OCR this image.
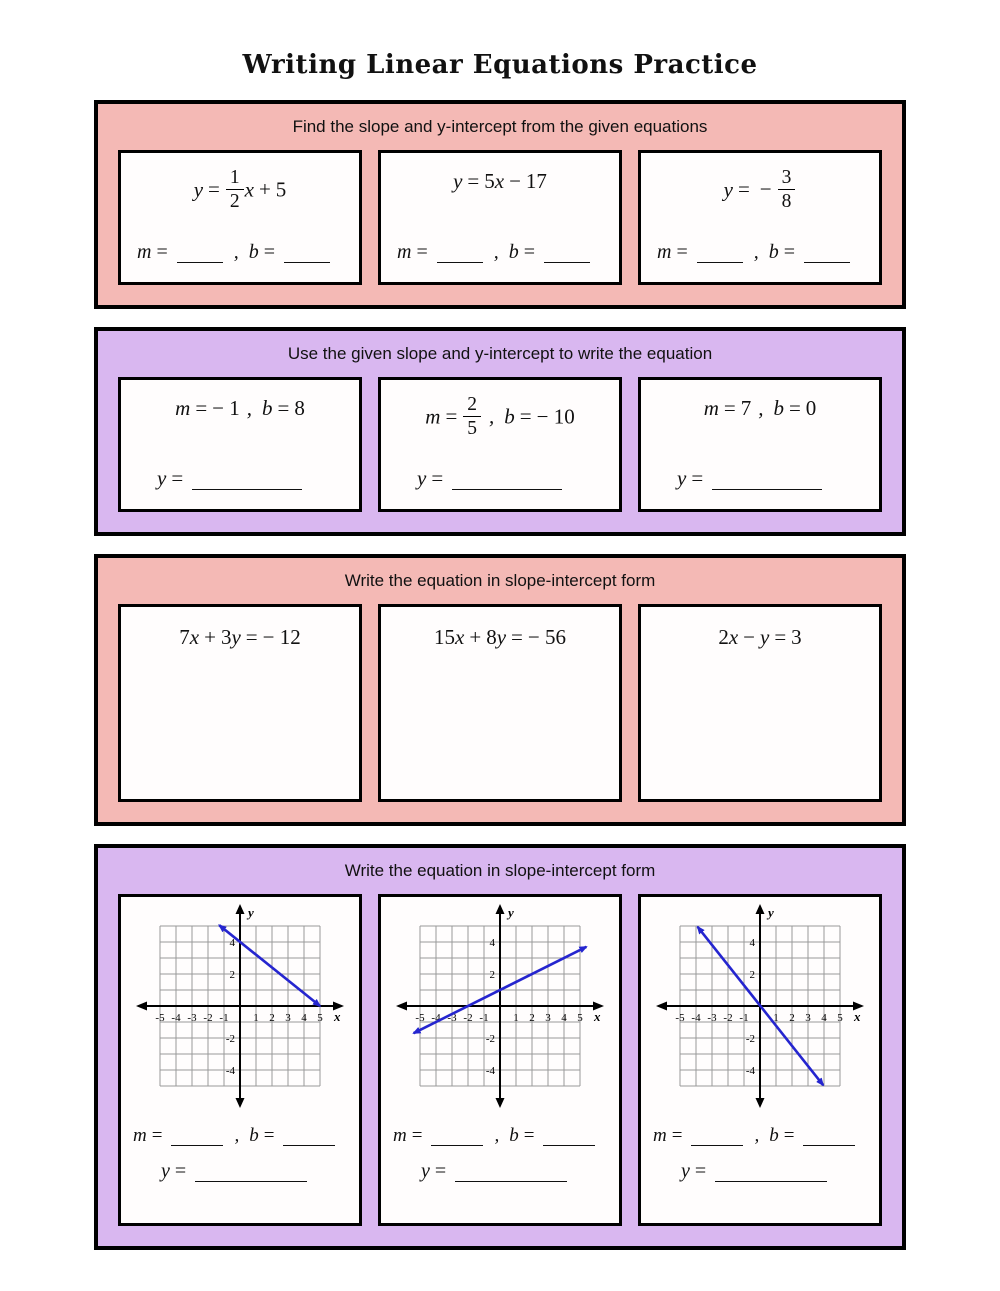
Writing Linear Equations Practice
Find the slope and y-intercept from the given equations
$y = \frac{1}{2}$ x + 5
m =	, b =
y = 5x − 17
m =	, b =
y = − $\frac{3}{8}$
m =	, b =
Use the given slope and y-intercept to write the equation
m = − 1 , b = 8
y =
$m = \frac{2}{5}$ , b = − 10
y =
m = 7 , b = 0
y =
Write the equation in slope-intercept form
7x + 3y = − 12	15x + 8y = − 56	2x − y = 3
Write the equation in slope-intercept form
-5 -4 -3 -2 -1 1 2 3 4 5
4
2
-2
-4
x
y
m =	, b =
y =
-5 -4 -3 -2 -1 1 2 3 4 5
4
2
-2
-4
x
y
m =	, b =
y =
-5 -4 -3 -2 -1 1 2 3 4 5
4
2
-2
-4
x
y
m =	, b =
y =
